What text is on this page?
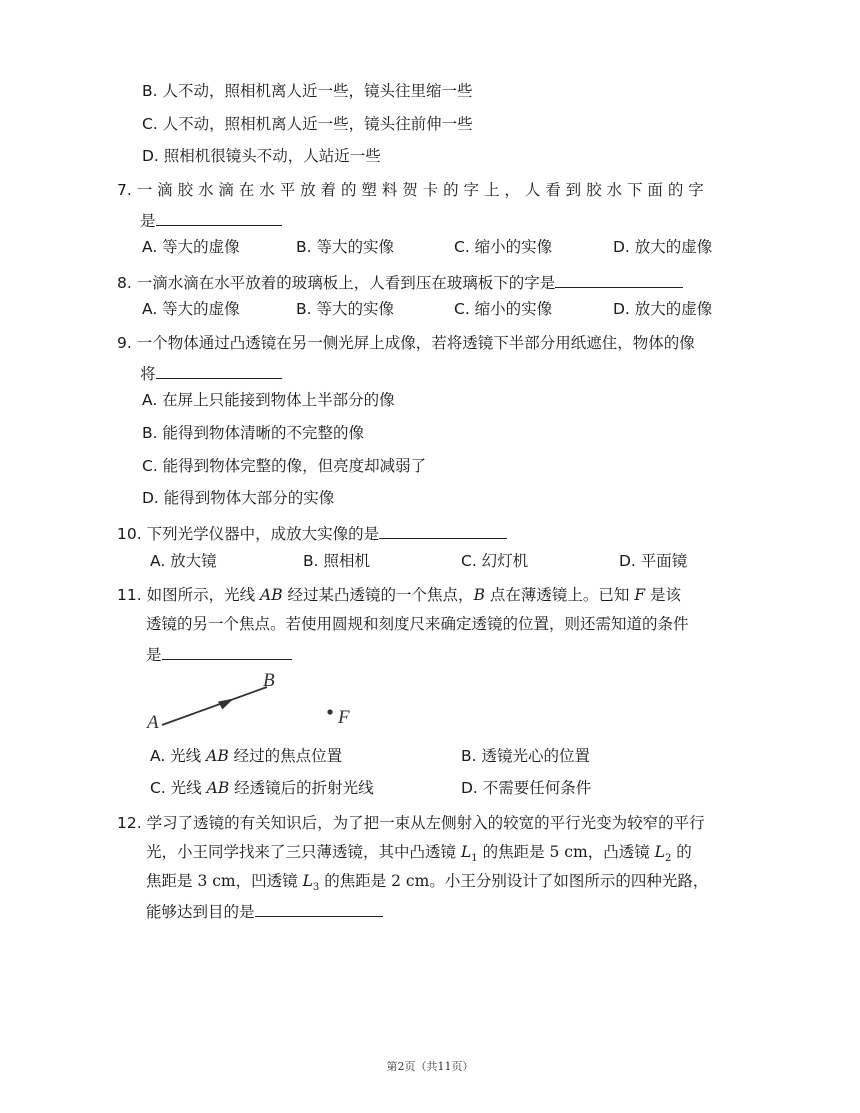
B. 人不动，照相机离人近一些，镜头往里缩一些
C. 人不动，照相机离人近一些，镜头往前伸一些
D. 照相机很镜头不动，人站近一些
7. 一 滴 胶 水 滴 在 水 平 放 着 的 塑 料 贺 卡 的 字 上 ， 人 看 到 胶 水 下 面 的 字
是
A. 等大的虚像	B. 等大的实像	C. 缩小的实像	D. 放大的虚像
8. 一滴水滴在水平放着的玻璃板上，人看到压在玻璃板下的字是
A. 等大的虚像	B. 等大的实像	C. 缩小的实像	D. 放大的虚像
9. 一个物体通过凸透镜在另一侧光屏上成像，若将透镜下半部分用纸遮住，物体的像
将
A. 在屏上只能接到物体上半部分的像
B. 能得到物体清晰的不完整的像
C. 能得到物体完整的像，但亮度却减弱了
D. 能得到物体大部分的实像
10. 下列光学仪器中，成放大实像的是
A. 放大镜	B. 照相机	C. 幻灯机	D. 平面镜
11. 如图所示，光线 AB 经过某凸透镜的一个焦点，B 点在薄透镜上。已知 F 是该
透镜的另一个焦点。若使用圆规和刻度尺来确定透镜的位置，则还需知道的条件
是
A
B
F
A. 光线 AB 经过的焦点位置	B. 透镜光心的位置
C. 光线 AB 经透镜后的折射光线	D. 不需要任何条件
12. 学习了透镜的有关知识后，为了把一束从左侧射入的较宽的平行光变为较窄的平行
光，小王同学找来了三只薄透镜，其中凸透镜 $L_1$ 的焦距是 5 cm，凸透镜 $L_2$ 的
焦距是 3 cm，凹透镜 $L_3$ 的焦距是 2 cm。小王分别设计了如图所示的四种光路，
能够达到目的是
第2页（共11页）
